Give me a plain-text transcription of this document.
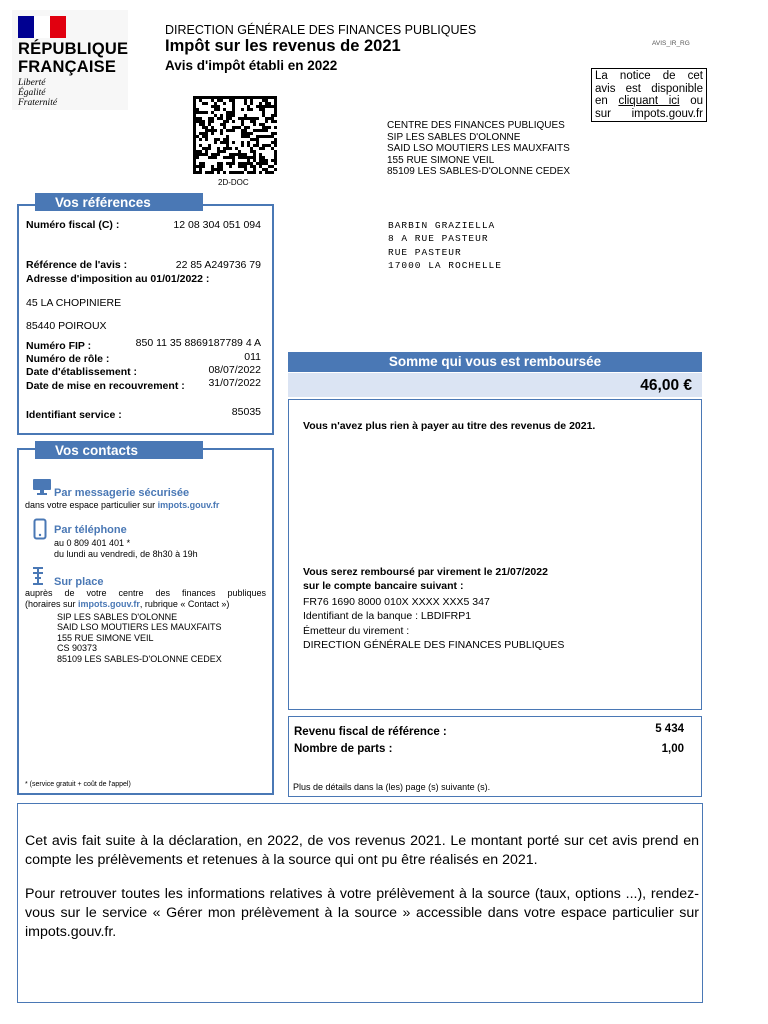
RÉPUBLIQUE
FRANÇAISE
Liberté
Égalité
Fraternité
DIRECTION GÉNÉRALE DES FINANCES PUBLIQUES
Impôt sur les revenus de 2021
Avis d'impôt établi en 2022
AVIS_IR_RG
La notice de cet
avis est disponible
en cliquant ici ou
sur impots.gouv.fr
2D-DOC
CENTRE DES FINANCES PUBLIQUES
SIP LES SABLES D'OLONNE
SAID LSO MOUTIERS LES MAUXFAITS
155 RUE SIMONE VEIL
85109 LES SABLES-D'OLONNE CEDEX
BARBIN GRAZIELLA
8 A RUE PASTEUR
RUE PASTEUR
17000 LA ROCHELLE
Vos références
Numéro fiscal (C) :	12 08 304 051 094
Référence de l'avis :	22 85 A249736 79
Adresse d'imposition au 01/01/2022 :
45 LA CHOPINIERE
85440 POIROUX
Numéro FIP :	850 11 35 8869187789 4 A
Numéro de rôle :	011
Date d'établissement :	08/07/2022
Date de mise en recouvrement :	31/07/2022
Identifiant service :	85035
Vos contacts
Par messagerie sécurisée
dans votre espace particulier sur impots.gouv.fr
Par téléphone
au 0 809 401 401 *
du lundi au vendredi, de 8h30 à 19h
Sur place
auprès de votre centre des finances publiques
(horaires sur impots.gouv.fr, rubrique « Contact »)
SIP LES SABLES D'OLONNE
SAID LSO MOUTIERS LES MAUXFAITS
155 RUE SIMONE VEIL
CS 90373
85109 LES SABLES-D'OLONNE CEDEX
* (service gratuit + coût de l'appel)
Somme qui vous est remboursée
46,00 €
Vous n'avez plus rien à payer au titre des revenus de 2021.
Vous serez remboursé par virement le 21/07/2022
sur le compte bancaire suivant :
FR76 1690 8000 010X XXXX XXX5 347
Identifiant de la banque : LBDIFRP1
Émetteur du virement :
DIRECTION GÉNÉRALE DES FINANCES PUBLIQUES
Revenu fiscal de référence :	5 434
Nombre de parts :	1,00
Plus de détails dans la (les) page (s) suivante (s).
Cet avis fait suite à la déclaration, en 2022, de vos revenus 2021. Le montant porté sur cet avis prend en compte les prélèvements et retenues à la source qui ont pu être réalisés en 2021.
Pour retrouver toutes les informations relatives à votre prélèvement à la source (taux, options ...), rendez-vous sur le service « Gérer mon prélèvement à la source » accessible dans votre espace particulier sur impots.gouv.fr.
